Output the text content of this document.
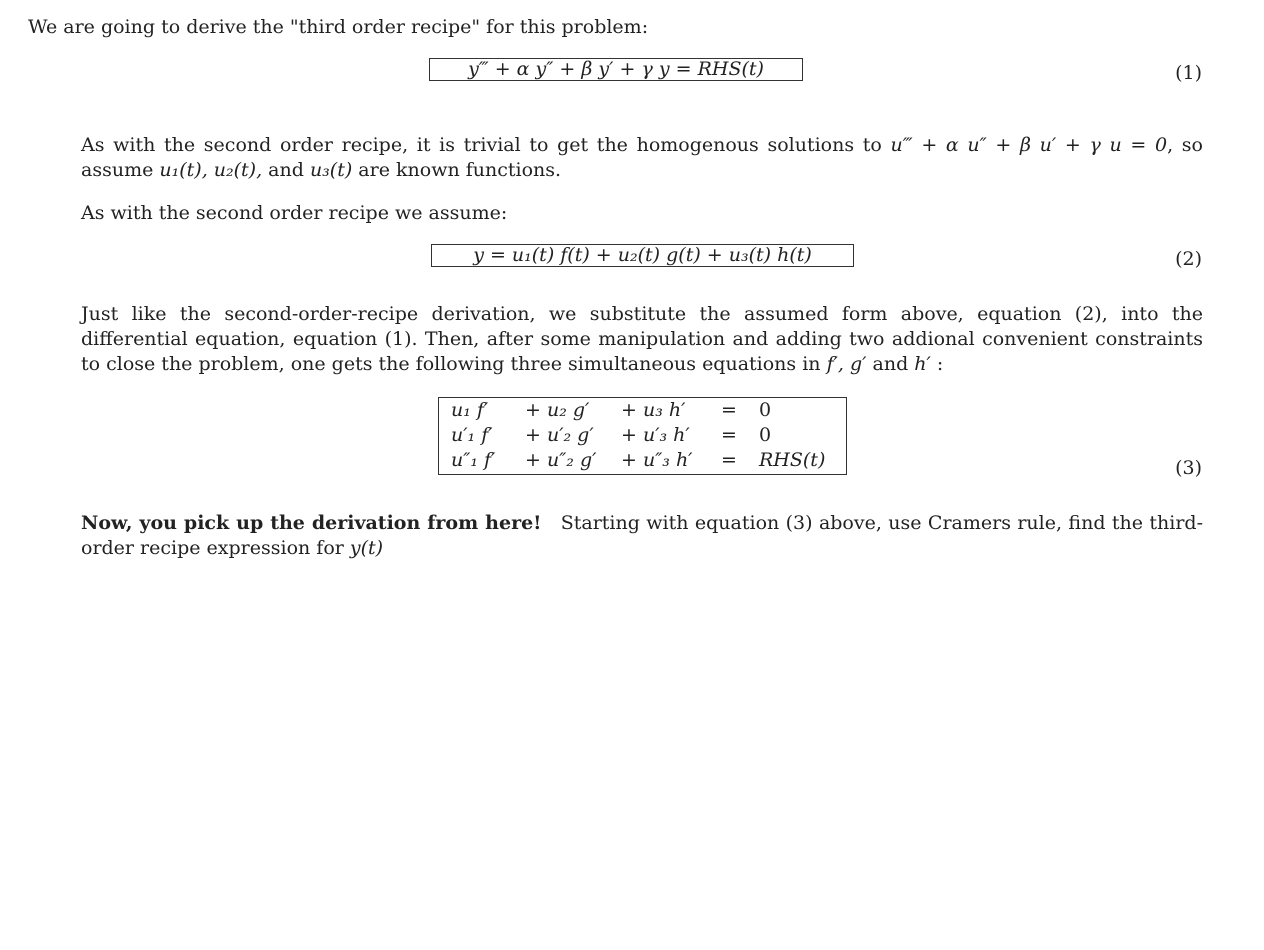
We are going to derive the "third order recipe" for this problem:
y‴ + α y″ + β y′ + γ y = RHS(t)	(1)
As with the second order recipe, it is trivial to get the homogenous solutions to u‴ + α u″ + β u′ + γ u = 0, so assume u₁(t), u₂(t), and u₃(t) are known functions.
As with the second order recipe we assume:
y = u₁(t) f(t) + u₂(t) g(t) + u₃(t) h(t)	(2)
Just like the second-order-recipe derivation, we substitute the assumed form above, equation (2), into the differential equation, equation (1). Then, after some manipulation and adding two addional convenient constraints to close the problem, one gets the following three simultaneous equations in f′, g′ and h′ :
u₁ f′	+ u₂ g′	+ u₃ h′	=	0
u′₁ f′	+ u′₂ g′	+ u′₃ h′	=	0
u″₁ f′	+ u″₂ g′	+ u″₃ h′	=	RHS(t)	(3)
Now, you pick up the derivation from here!   Starting with equation (3) above, use Cramers rule, find the third-order recipe expression for y(t)
